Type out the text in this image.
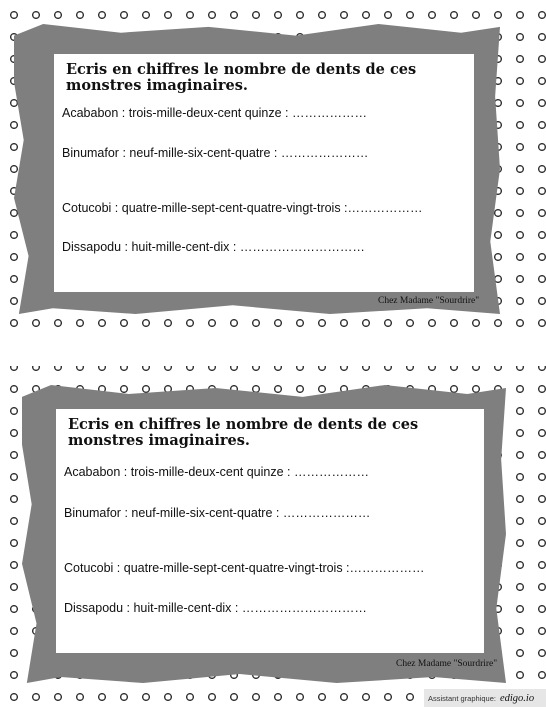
Ecris en chiffres le nombre de dents de ces monstres imaginaires.
Acababon : trois-mille-deux-cent quinze : ………………
Binumafor : neuf-mille-six-cent-quatre : …………………
Cotucobi : quatre-mille-sept-cent-quatre-vingt-trois :………………
Dissapodu : huit-mille-cent-dix : …………………………
Chez Madame "Sourdrire"
Ecris en chiffres le nombre de dents de ces monstres imaginaires.
Acababon : trois-mille-deux-cent quinze : ………………
Binumafor : neuf-mille-six-cent-quatre : …………………
Cotucobi : quatre-mille-sept-cent-quatre-vingt-trois :………………
Dissapodu : huit-mille-cent-dix : …………………………
Chez Madame "Sourdrire"
Assistant graphique: edigo.io
